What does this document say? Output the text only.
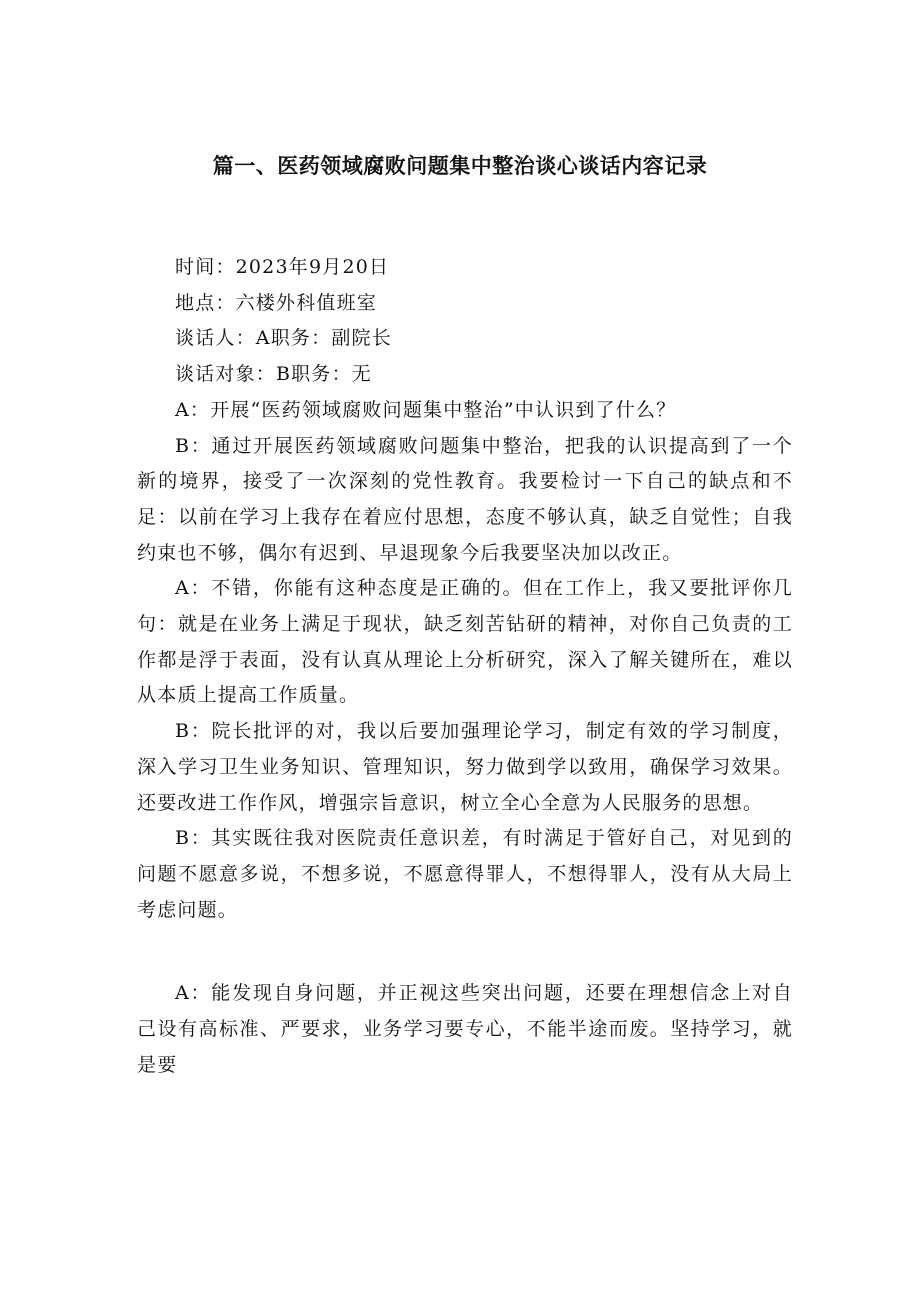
篇一、医药领域腐败问题集中整治谈心谈话内容记录

时间：2023年9月20日

地点：六楼外科值班室

谈话人：A职务：副院长

谈话对象：B职务：无

A：开展“医药领域腐败问题集中整治”中认识到了什么？

B：通过开展医药领域腐败问题集中整治，把我的认识提高到了一个新的境界，接受了一次深刻的党性教育。我要检讨一下自己的缺点和不足：以前在学习上我存在着应付思想，态度不够认真，缺乏自觉性；自我约束也不够，偶尔有迟到、早退现象今后我要坚决加以改正。

A：不错，你能有这种态度是正确的。但在工作上，我又要批评你几句：就是在业务上满足于现状，缺乏刻苦钻研的精神，对你自己负责的工作都是浮于表面，没有认真从理论上分析研究，深入了解关键所在，难以从本质上提高工作质量。

B：院长批评的对，我以后要加强理论学习，制定有效的学习制度，深入学习卫生业务知识、管理知识，努力做到学以致用，确保学习效果。还要改进工作作风，增强宗旨意识，树立全心全意为人民服务的思想。

B：其实既往我对医院责任意识差，有时满足于管好自己，对见到的问题不愿意多说，不想多说，不愿意得罪人，不想得罪人，没有从大局上考虑问题。

A：能发现自身问题，并正视这些突出问题，还要在理想信念上对自己设有高标准、严要求，业务学习要专心，不能半途而废。坚持学习，就是要
